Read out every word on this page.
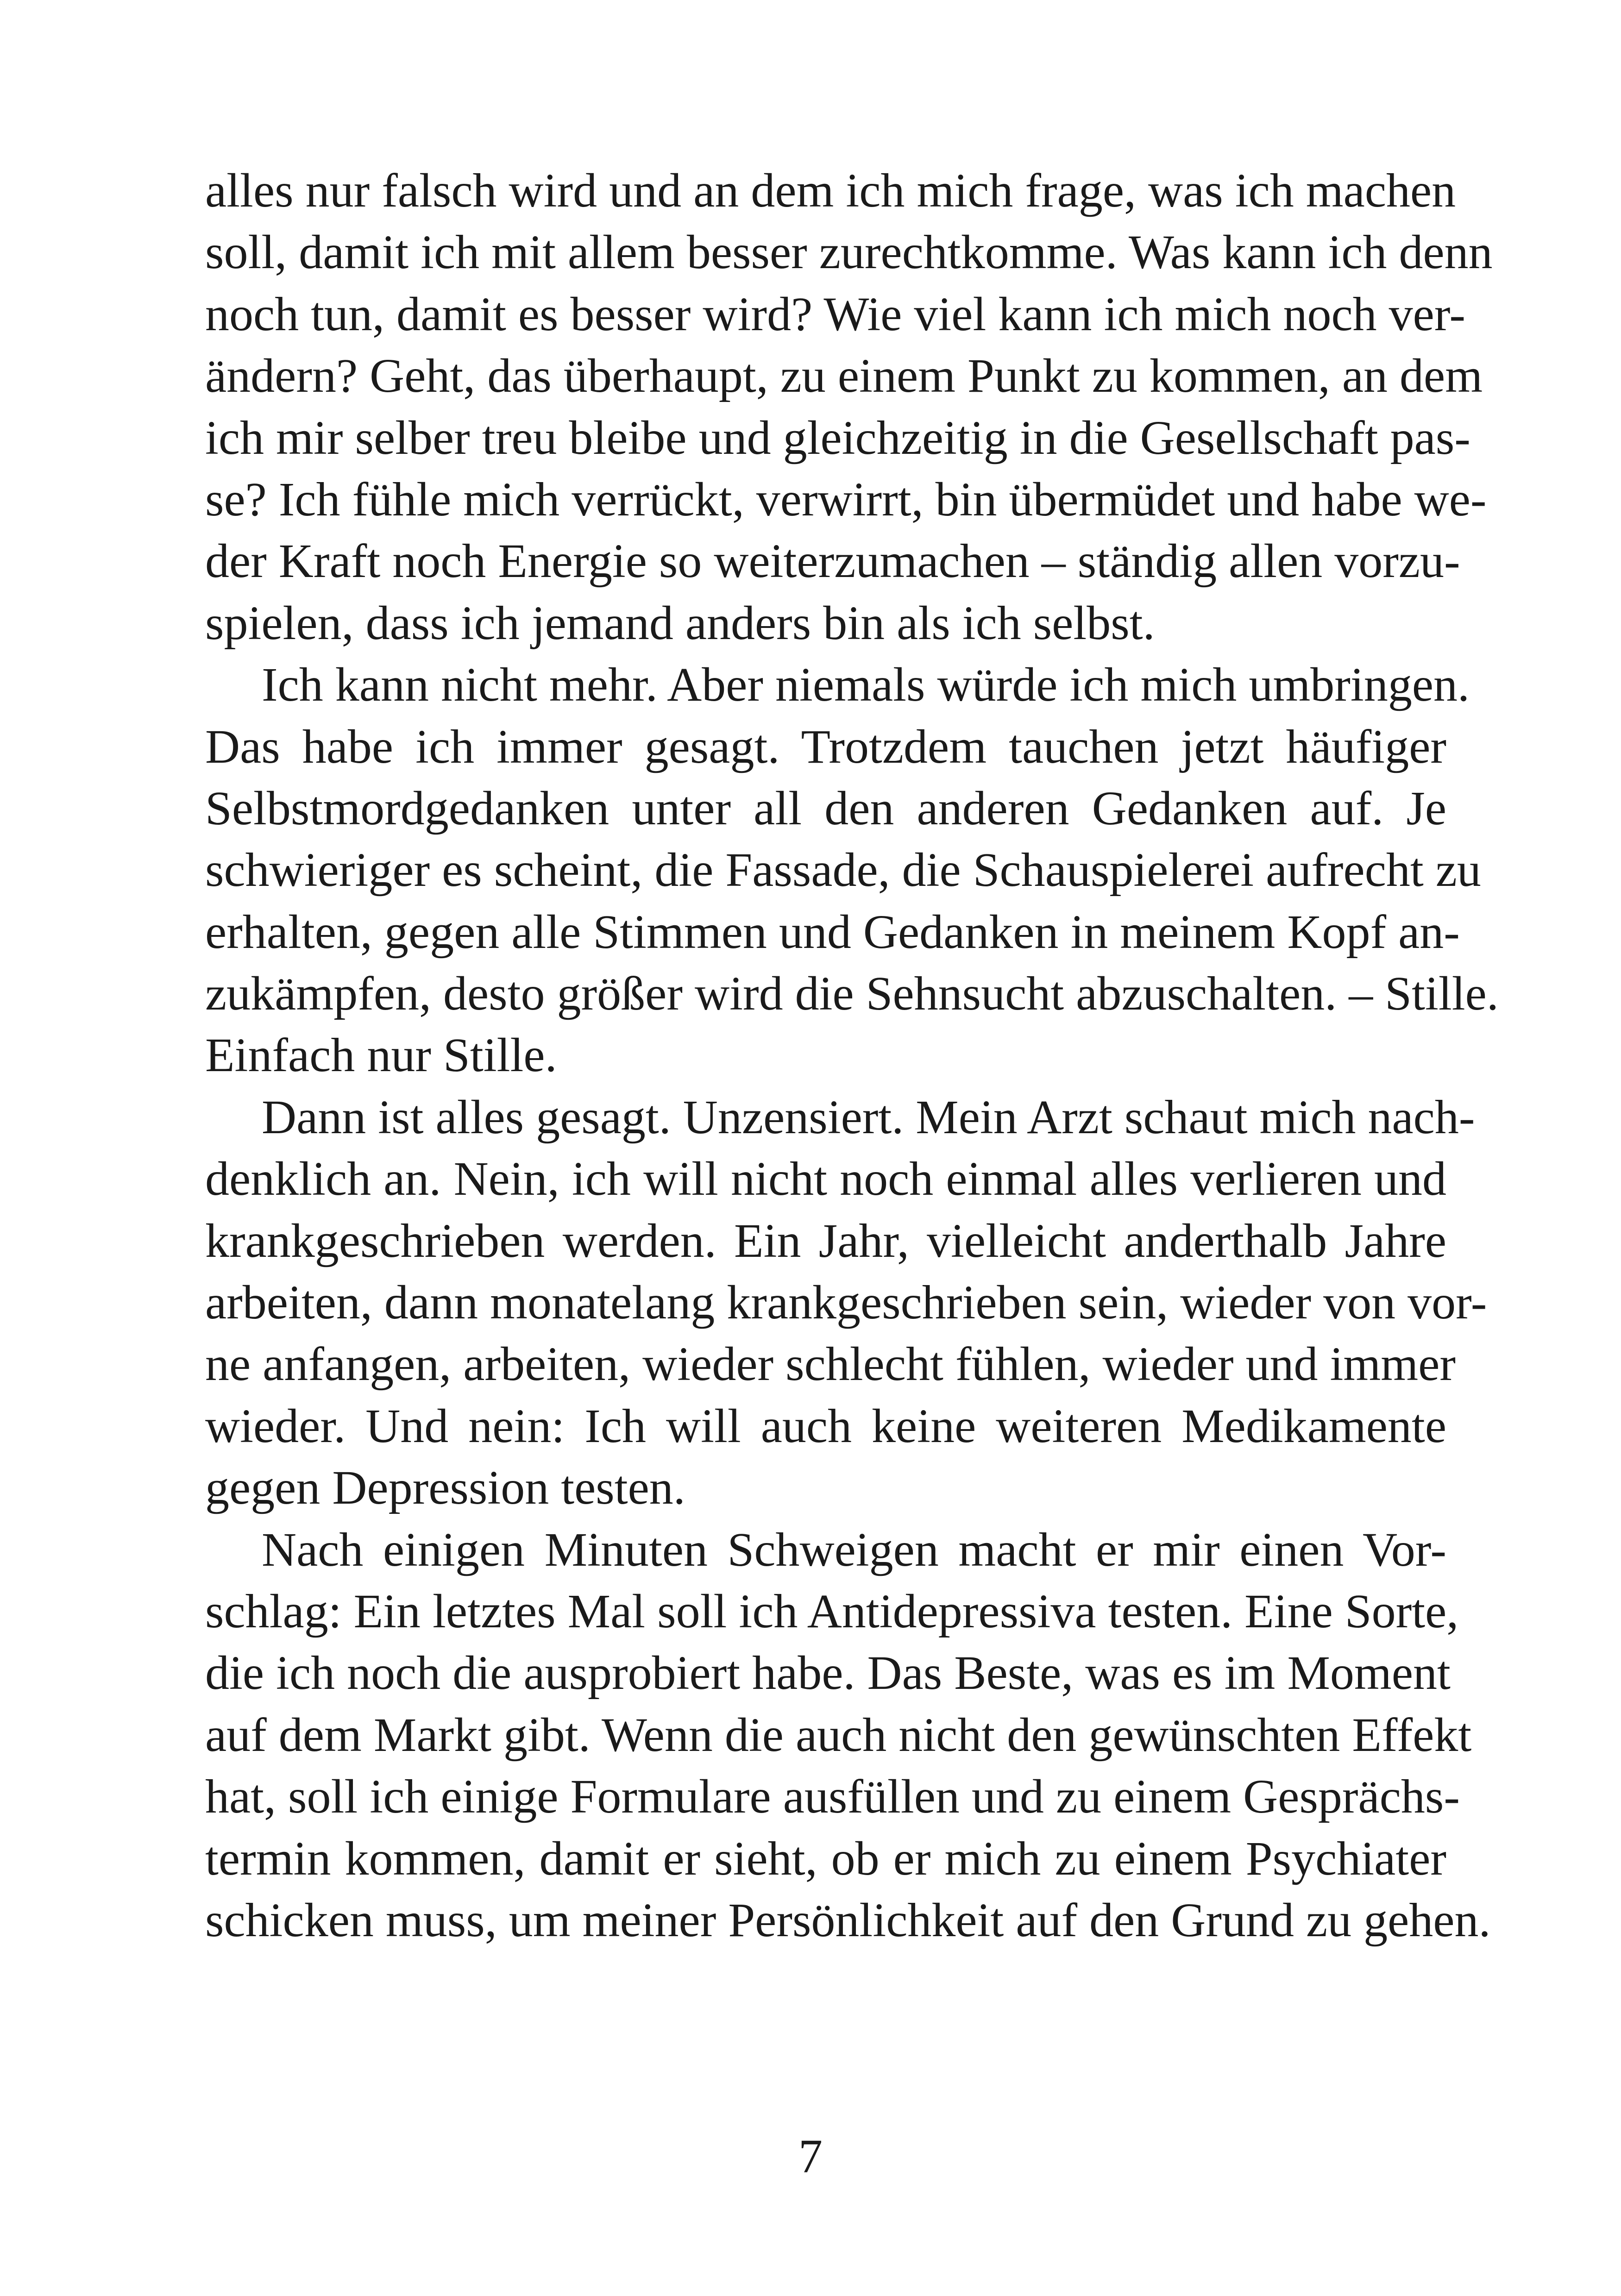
alles nur falsch wird und an dem ich mich frage, was ich machen
soll, damit ich mit allem besser zurechtkomme. Was kann ich denn
noch tun, damit es besser wird? Wie viel kann ich mich noch ver-
ändern? Geht, das überhaupt, zu einem Punkt zu kommen, an dem
ich mir selber treu bleibe und gleichzeitig in die Gesellschaft pas-
se? Ich fühle mich verrückt, verwirrt, bin übermüdet und habe we-
der Kraft noch Energie so weiterzumachen – ständig allen vorzu-
spielen, dass ich jemand anders bin als ich selbst.
Ich kann nicht mehr. Aber niemals würde ich mich umbringen.
Das habe ich immer gesagt. Trotzdem tauchen jetzt häufiger
Selbstmordgedanken unter all den anderen Gedanken auf. Je
schwieriger es scheint, die Fassade, die Schauspielerei aufrecht zu
erhalten, gegen alle Stimmen und Gedanken in meinem Kopf an-
zukämpfen, desto größer wird die Sehnsucht abzuschalten. – Stille.
Einfach nur Stille.
Dann ist alles gesagt. Unzensiert. Mein Arzt schaut mich nach-
denklich an. Nein, ich will nicht noch einmal alles verlieren und
krankgeschrieben werden. Ein Jahr, vielleicht anderthalb Jahre
arbeiten, dann monatelang krankgeschrieben sein, wieder von vor-
ne anfangen, arbeiten, wieder schlecht fühlen, wieder und immer
wieder. Und nein: Ich will auch keine weiteren Medikamente
gegen Depression testen.
Nach einigen Minuten Schweigen macht er mir einen Vor-
schlag: Ein letztes Mal soll ich Antidepressiva testen. Eine Sorte,
die ich noch die ausprobiert habe. Das Beste, was es im Moment
auf dem Markt gibt. Wenn die auch nicht den gewünschten Effekt
hat, soll ich einige Formulare ausfüllen und zu einem Gesprächs-
termin kommen, damit er sieht, ob er mich zu einem Psychiater
schicken muss, um meiner Persönlichkeit auf den Grund zu gehen.
7
